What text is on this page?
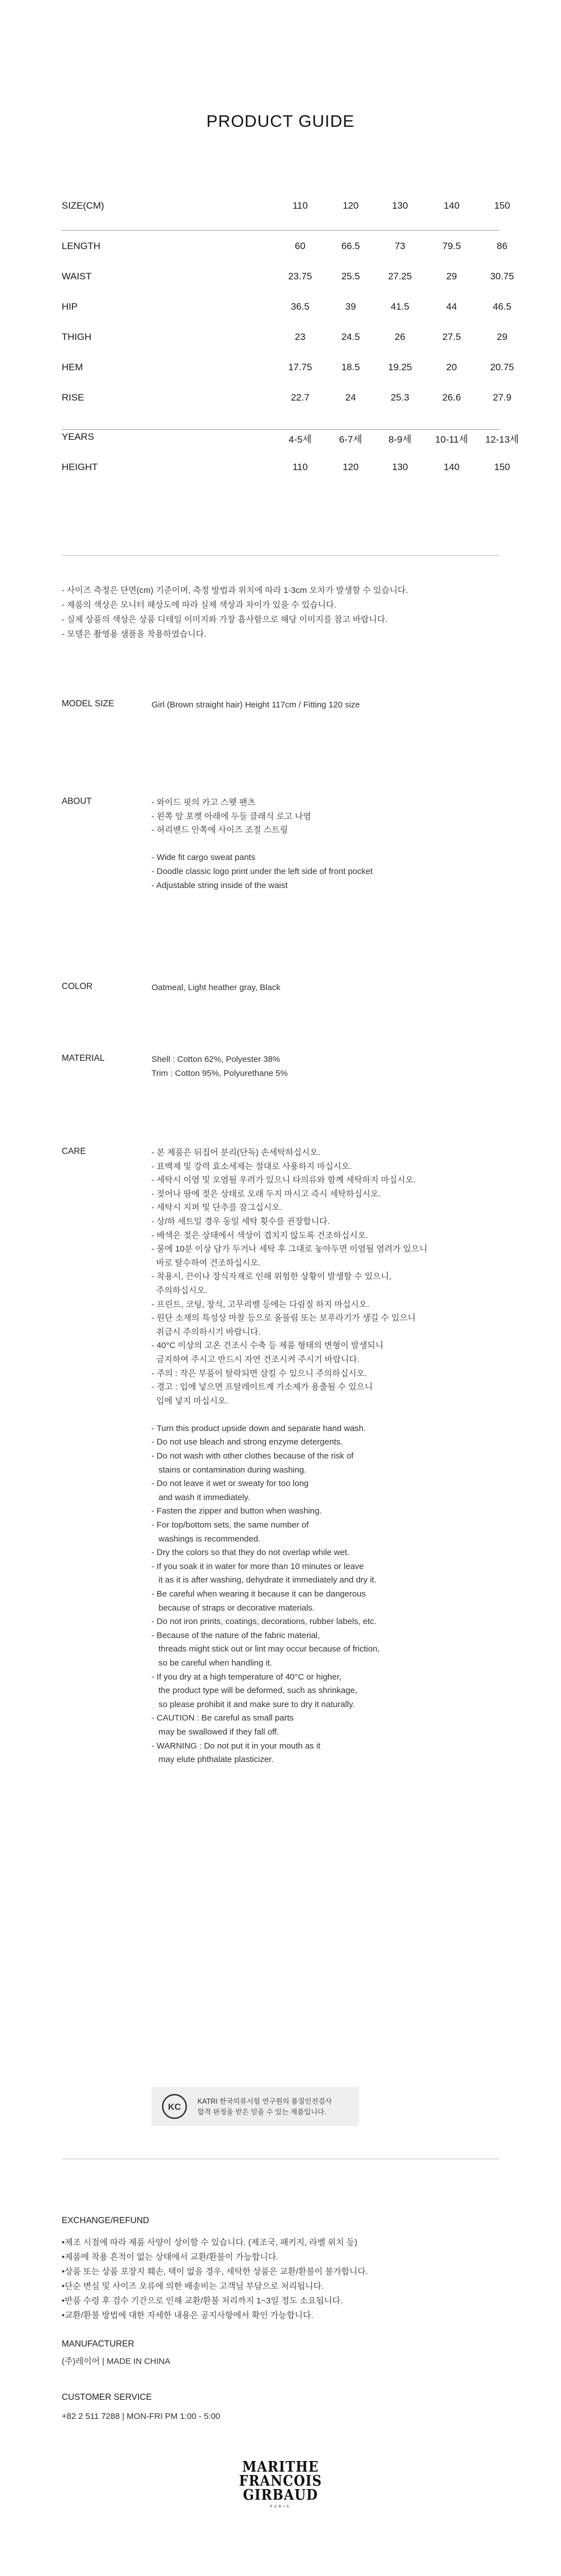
PRODUCT GUIDE
SIZE(CM)	110	120	130	140	150
LENGTH	60	66.5	73	79.5	86
WAIST	23.75	25.5	27.25	29	30.75
HIP	36.5	39	41.5	44	46.5
THIGH	23	24.5	26	27.5	29
HEM	17.75	18.5	19.25	20	20.75
RISE	22.7	24	25.3	26.6	27.9
YEARS	4-5세	6-7세	8-9세	10-11세	12-13세
HEIGHT	110	120	130	140	150
- 사이즈 측정은 단면(cm) 기준이며, 측정 방법과 위치에 따라 1-3cm 오차가 발생할 수 있습니다.
- 제품의 색상은 모니터 해상도에 따라 실제 색상과 차이가 있을 수 있습니다.
- 실제 상품의 색상은 상품 디테일 이미지와 가장 흡사함으로 해당 이미지를 참고 바랍니다.
- 모델은 촬영용 샘플을 착용하였습니다.
MODEL SIZE	Girl (Brown straight hair) Height 117cm / Fitting 120 size
ABOUT	- 와이드 핏의 카고 스웻 팬츠
- 왼쪽 앞 포켓 아래에 두들 클래식 로고 나염
- 허리밴드 안쪽에 사이즈 조절 스트링

- Wide fit cargo sweat pants
- Doodle classic logo print under the left side of front pocket
- Adjustable string inside of the waist
COLOR	Oatmeal, Light heather gray, Black
MATERIAL	Shell : Cotton 62%, Polyester 38%
Trim : Cotton 95%, Polyurethane 5%
CARE	- 본 제품은 뒤집어 분리(단독) 손세탁하십시오.
- 표백제 및 강력 효소세제는 절대로 사용하지 마십시오.
- 세탁시 이염 및 오염될 우려가 있으니 타의류와 함께 세탁하지 마십시오.
- 젖어나 땀에 젖은 상태로 오래 두지 마시고 즉시 세탁하십시오.
- 세탁시 지퍼 및 단추를 잠그십시오.
- 상/하 세트일 경우 동일 세탁 횟수를 권장합니다.
- 배색은 젖은 상태에서 색상이 겹치지 않도록 건조하십시오.
- 물에 10분 이상 담가 두거나 세탁 후 그대로 놓아두면 이염될 염려가 있으니
바로 탈수하여 건조하십시오.
- 착용시, 끈이나 장식자재로 인해 위험한 상황이 발생할 수 있으니,
주의하십시오.
- 프린트, 코팅, 장식, 고무리벨 등에는 다림질 하지 마십시오.
- 원단 소재의 특성상 마찰 등으로 올풀림 또는 보푸라기가 생길 수 있으니
취급시 주의하시기 바랍니다.
- 40°C 이상의 고온 건조시 수축 등 제품 형태의 변형이 발생되니
금지하여 주시고 반드시 자연 건조시켜 주시기 바랍니다.
- 주의 : 작은 부품이 탈락되면 삼킬 수 있으니 주의하십시오.
- 경고 : 입에 넣으면 프탈레이트계 가소제가 용출될 수 있으니
입에 넣지 마십시오.

- Turn this product upside down and separate hand wash.
- Do not use bleach and strong enzyme detergents.
- Do not wash with other clothes because of the risk of
stains or contamination during washing.
- Do not leave it wet or sweaty for too long
and wash it immediately.
- Fasten the zipper and button when washing.
- For top/bottom sets, the same number of
washings is recommended.
- Dry the colors so that they do not overlap while wet.
- If you soak it in water for more than 10 minutes or leave
it as it is after washing, dehydrate it immediately and dry it.
- Be careful when wearing it because it can be dangerous
because of straps or decorative materials.
- Do not iron prints, coatings, decorations, rubber labels, etc.
- Because of the nature of the fabric material,
threads might stick out or lint may occur because of friction,
so be careful when handling it.
- If you dry at a high temperature of 40°C or higher,
the product type will be deformed, such as shrinkage,
so please prohibit it and make sure to dry it naturally.
- CAUTION : Be careful as small parts
may be swallowed if they fall off.
- WARNING : Do not put it in your mouth as it
may elute phthalate plasticizer.
KC
KATRI 한국의류시험 연구원의 품질인전검사
합격 판정을 받은 믿을 수 있는 제품입니다.
EXCHANGE/REFUND
•제조 시점에 따라 제품 사양이 상이할 수 있습니다. (제조국, 패키지, 라벨 위치 등)
•제품에 착용 흔적이 없는 상태에서 교환/환불이 가능합니다.
•상품 또는 상품 포장지 훼손, 택이 없을 경우, 세탁한 상품은 교환/환불이 불가합니다.
•단순 변심 및 사이즈 오류에 의한 배송비는 고객님 부담으로 처리됩니다.
•반품 수령 후 검수 기간으로 인해 교환/환불 처리까지 1~3일 정도 소요됩니다.
•교환/환불 방법에 대한 자세한 내용은 공지사항에서 확인 가능합니다.
MANUFACTURER
(주)레이어 | MADE IN CHINA
CUSTOMER SERVICE
+82 2 511 7288 | MON-FRI PM 1:00 - 5:00
MARITHE
FRANCOIS
GIRBAUD
PARIS
